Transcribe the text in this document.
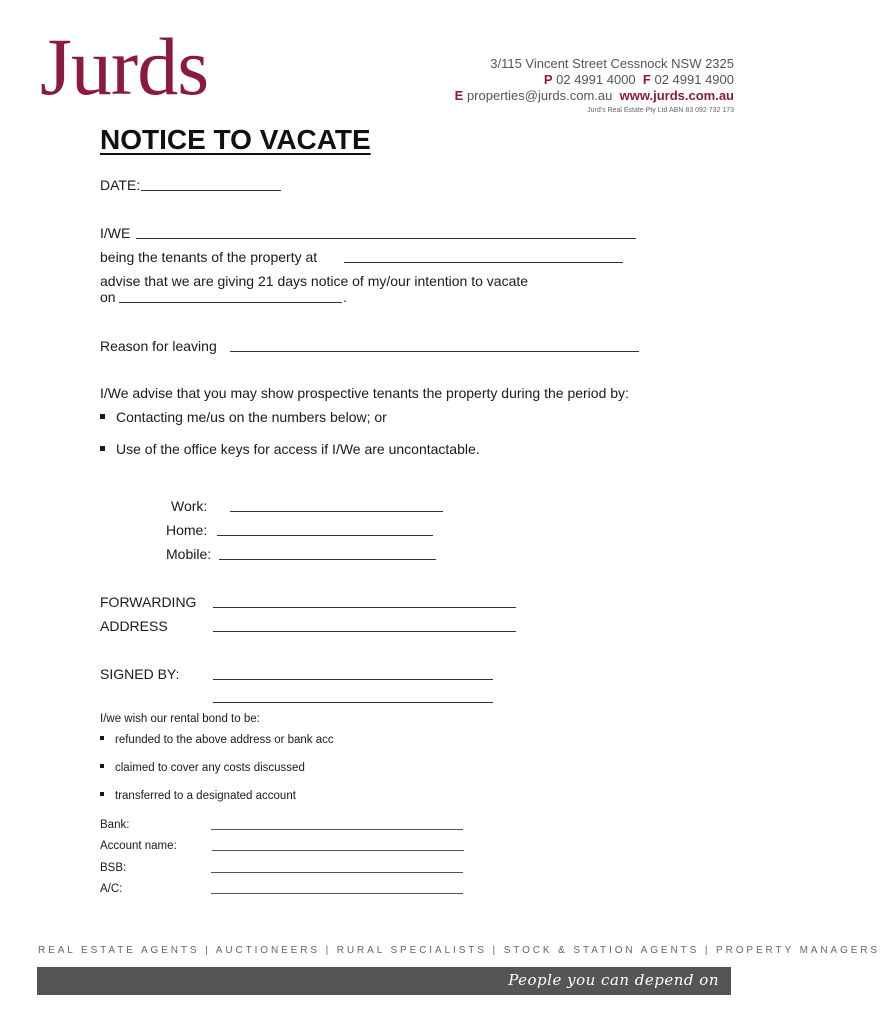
Jurds	3/115 Vincent Street Cessnock NSW 2325
P 02 4991 4000 F 02 4991 4900
E properties@jurds.com.au www.jurds.com.au
Jurd's Real Estate Pty Ltd ABN 83 092 732 173
NOTICE TO VACATE
DATE:
I/WE
being the tenants of the property at
advise that we are giving 21 days notice of my/our intention to vacate
on	.
Reason for leaving
I/We advise that you may show prospective tenants the property during the period by:
Contacting me/us on the numbers below; or
Use of the office keys for access if I/We are uncontactable.
Work:
Home:
Mobile:
FORWARDING
ADDRESS
SIGNED BY:
I/we wish our rental bond to be:
refunded to the above address or bank acc
claimed to cover any costs discussed
transferred to a designated account
Bank:
Account name:
BSB:
A/C:
REAL ESTATE AGENTS | AUCTIONEERS | RURAL SPECIALISTS | STOCK & STATION AGENTS | PROPERTY MANAGERS
People you can depend on
